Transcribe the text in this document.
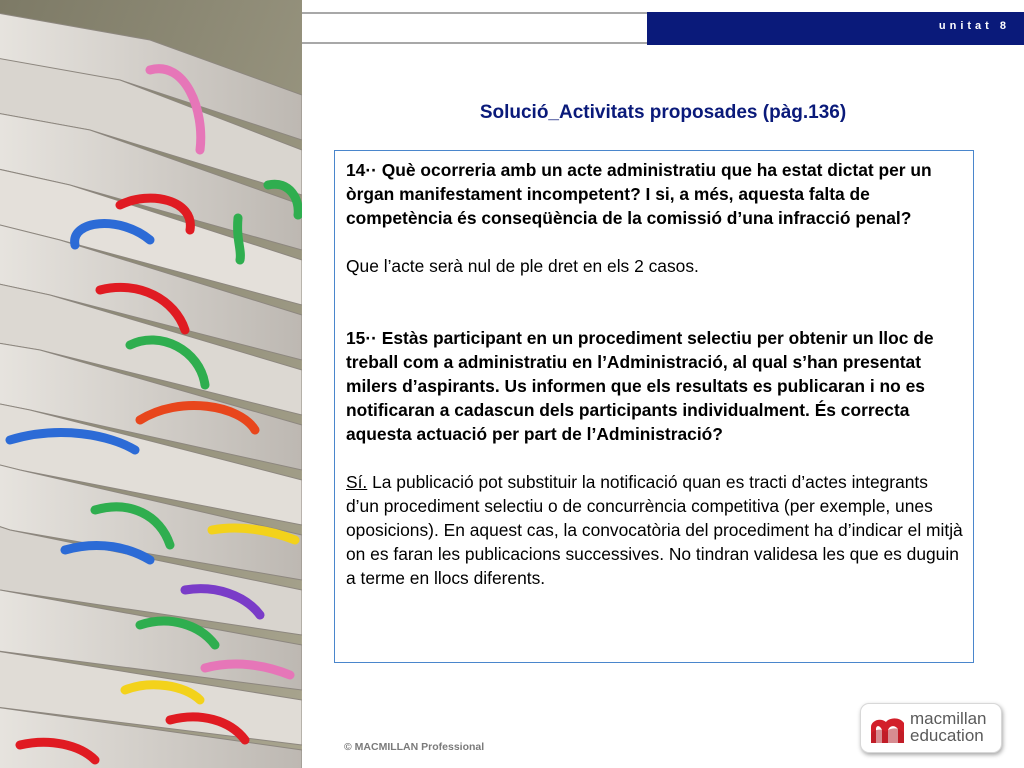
unitat 8
Solució_Activitats proposades (pàg.136)

14·· Què ocorreria amb un acte administratiu que ha estat dictat per un òrgan manifestament incompetent? I si, a més, aquesta falta de competència és conseqüència de la comissió d’una infracció penal?

Que l’acte serà nul de ple dret en els 2 casos.

15·· Estàs participant en un procediment selectiu per obtenir un lloc de treball com a administratiu en l’Administració, al qual s’han presentat milers d’aspirants. Us informen que els resultats es publicaran i no es notificaran a cadascun dels participants individualment. És correcta aquesta actuació per part de l’Administració?

Sí. La publicació pot substituir la notificació quan es tracti d’actes integrants d’un procediment selectiu o de concurrència competitiva (per exemple, unes oposicions). En aquest cas, la convocatòria del procediment ha d’indicar el mitjà on es faran les publicacions successives. No tindran validesa les que es duguin a terme en llocs diferents.

© MACMILLAN Professional
macmillan
education
